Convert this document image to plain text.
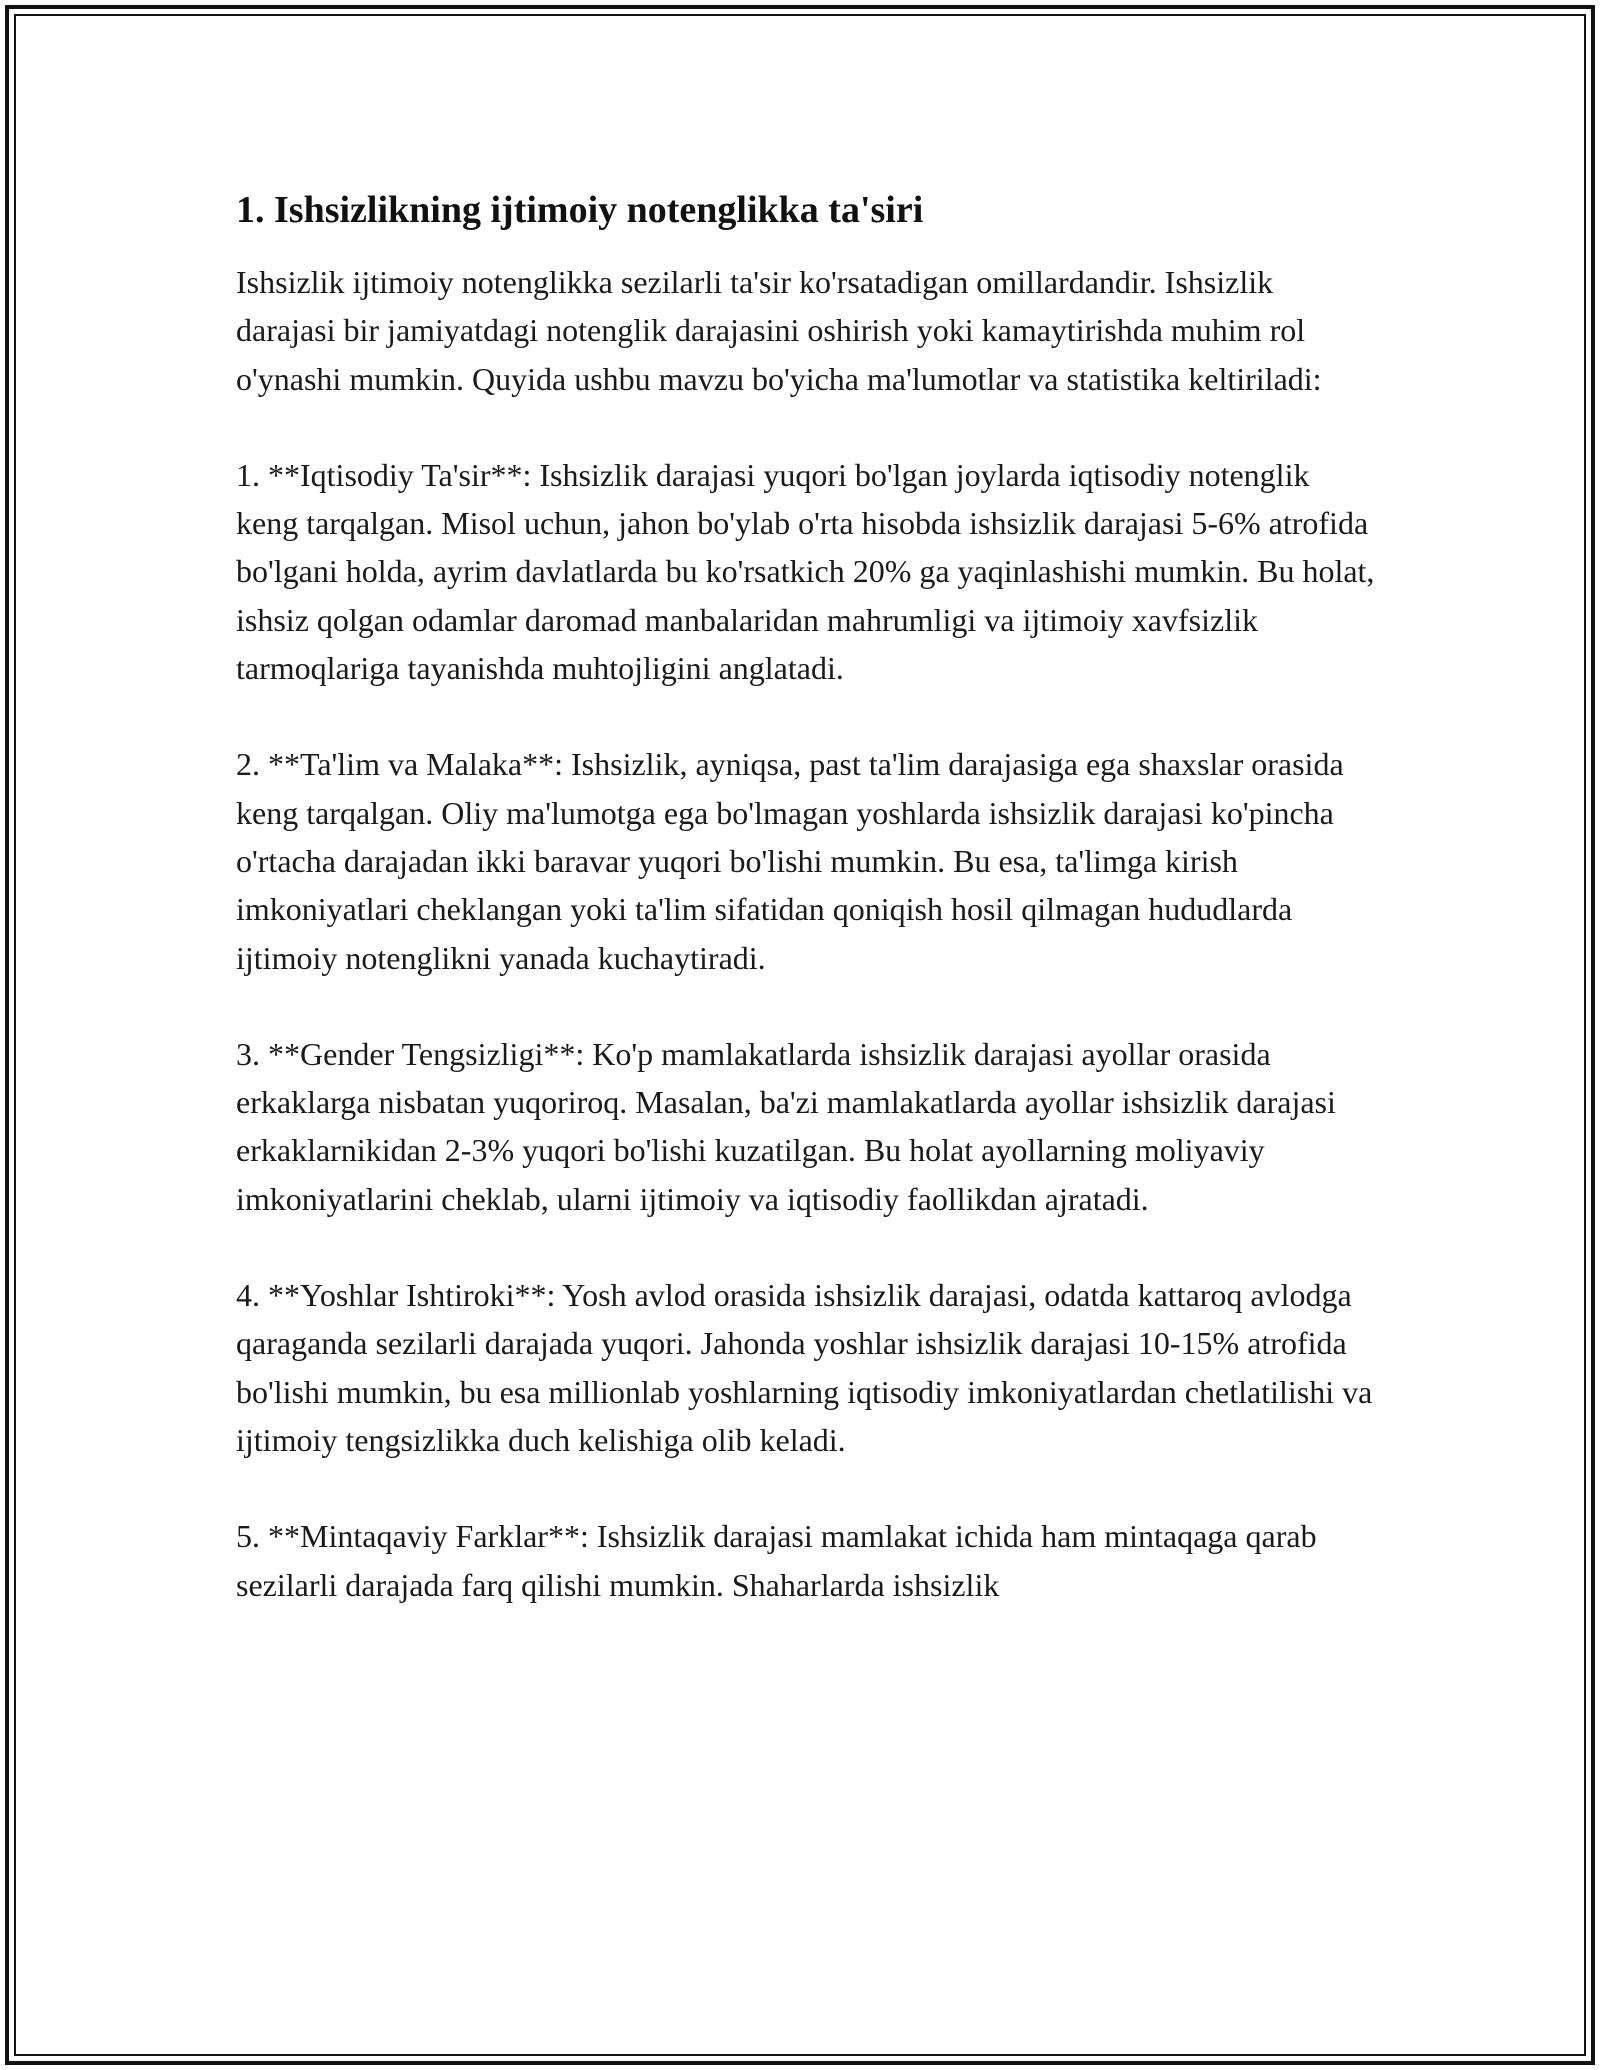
1. Ishsizlikning ijtimoiy notenglikka ta'siri

Ishsizlik ijtimoiy notenglikka sezilarli ta'sir ko'rsatadigan omillardandir. Ishsizlik darajasi bir jamiyatdagi notenglik darajasini oshirish yoki kamaytirishda muhim rol o'ynashi mumkin. Quyida ushbu mavzu bo'yicha ma'lumotlar va statistika keltiriladi:

1. **Iqtisodiy Ta'sir**: Ishsizlik darajasi yuqori bo'lgan joylarda iqtisodiy notenglik keng tarqalgan. Misol uchun, jahon bo'ylab o'rta hisobda ishsizlik darajasi 5-6% atrofida bo'lgani holda, ayrim davlatlarda bu ko'rsatkich 20% ga yaqinlashishi mumkin. Bu holat, ishsiz qolgan odamlar daromad manbalaridan mahrumligi va ijtimoiy xavfsizlik tarmoqlariga tayanishda muhtojligini anglatadi.

2. **Ta'lim va Malaka**: Ishsizlik, ayniqsa, past ta'lim darajasiga ega shaxslar orasida keng tarqalgan. Oliy ma'lumotga ega bo'lmagan yoshlarda ishsizlik darajasi ko'pincha o'rtacha darajadan ikki baravar yuqori bo'lishi mumkin. Bu esa, ta'limga kirish imkoniyatlari cheklangan yoki ta'lim sifatidan qoniqish hosil qilmagan hududlarda ijtimoiy notenglikni yanada kuchaytiradi.

3. **Gender Tengsizligi**: Ko'p mamlakatlarda ishsizlik darajasi ayollar orasida erkaklarga nisbatan yuqoriroq. Masalan, ba'zi mamlakatlarda ayollar ishsizlik darajasi erkaklarnikidan 2-3% yuqori bo'lishi kuzatilgan. Bu holat ayollarning moliyaviy imkoniyatlarini cheklab, ularni ijtimoiy va iqtisodiy faollikdan ajratadi.

4. **Yoshlar Ishtiroki**: Yosh avlod orasida ishsizlik darajasi, odatda kattaroq avlodga qaraganda sezilarli darajada yuqori. Jahonda yoshlar ishsizlik darajasi 10-15% atrofida bo'lishi mumkin, bu esa millionlab yoshlarning iqtisodiy imkoniyatlardan chetlatilishi va ijtimoiy tengsizlikka duch kelishiga olib keladi.

5. **Mintaqaviy Farklar**: Ishsizlik darajasi mamlakat ichida ham mintaqaga qarab sezilarli darajada farq qilishi mumkin. Shaharlarda ishsizlik
